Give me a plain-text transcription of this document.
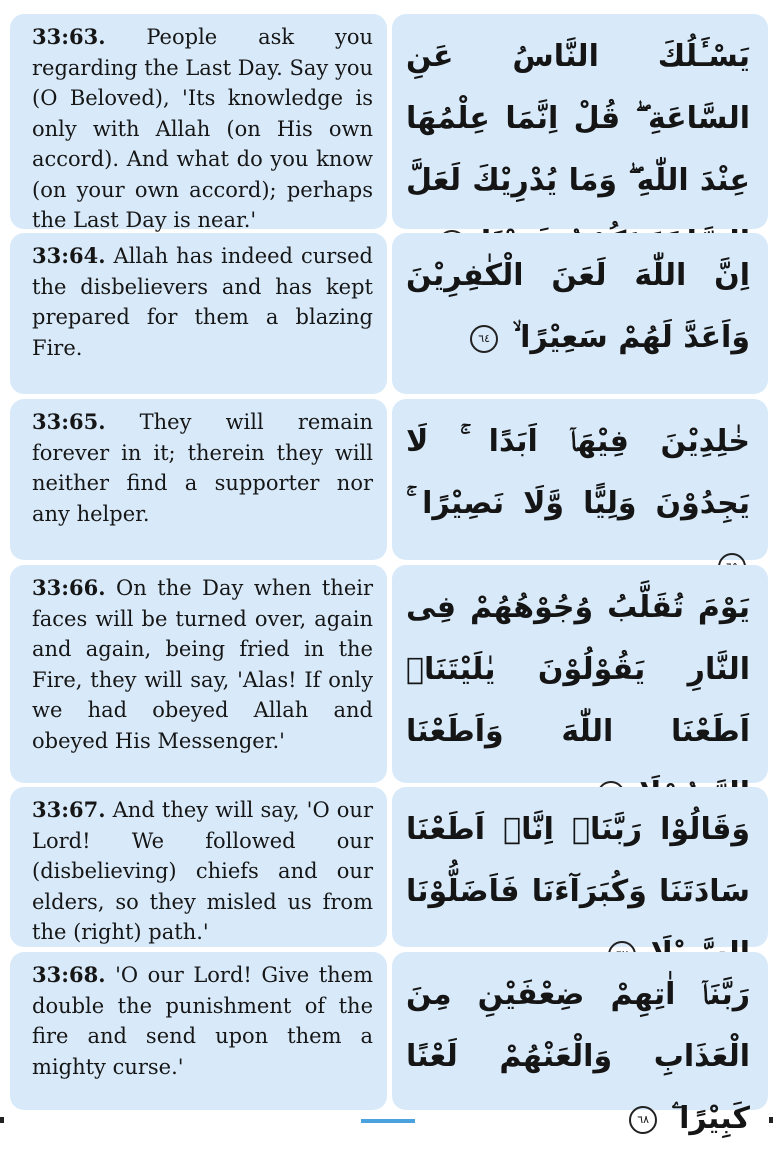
33:63. People ask you regarding the Last Day. Say you (O Beloved), 'Its knowledge is only with Allah (on His own accord). And what do you know (on your own accord); perhaps the Last Day is near.'

يَسْـَٔلُكَ النَّاسُ عَنِ السَّاعَةِ ۖ قُلْ اِنَّمَا عِلْمُهَا عِنْدَ اللّٰهِ ۖ وَمَا يُدْرِيْكَ لَعَلَّ

33:64. Allah has indeed cursed the disbelievers and has kept prepared for them a blazing Fire.

اِنَّ اللّٰهَ لَعَنَ الْكٰفِرِيْنَ وَاَعَدَّ لَهُمْ سَعِيْرًا ۙ ٦٤

33:65. They will remain forever in it; therein they will neither find a supporter nor any helper.

خٰلِدِيْنَ فِيْهَاۤ اَبَدًا ۚ لَا يَجِدُوْنَ وَلِيًّا وَّلَا نَصِيْرًا ۚ

33:66. On the Day when their faces will be turned over, again and again, being fried in the Fire, they will say, 'Alas! If only we had obeyed Allah and obeyed His Messenger.'

يَوْمَ تُقَلَّبُ وُجُوْهُهُمْ فِى النَّارِ يَقُوْلُوْنَ يٰلَيْتَنَاۤ اَطَعْنَا اللّٰهَ وَاَطَعْنَا

33:67. And they will say, 'O our Lord! We followed our (disbelieving) chiefs and our elders, so they misled us from the (right) path.'

وَقَالُوْا رَبَّنَاۤ اِنَّاۤ اَطَعْنَا سَادَتَنَا وَكُبَرَآءَنَا فَاَضَلُّوْنَا

33:68. 'O our Lord! Give them double the punishment of the fire and send upon them a mighty curse.'

رَبَّنَاۤ اٰتِهِمْ ضِعْفَيْنِ مِنَ الْعَذَابِ وَالْعَنْهُمْ لَعْنًا كَبِيْرًا ۧ ٦٨
